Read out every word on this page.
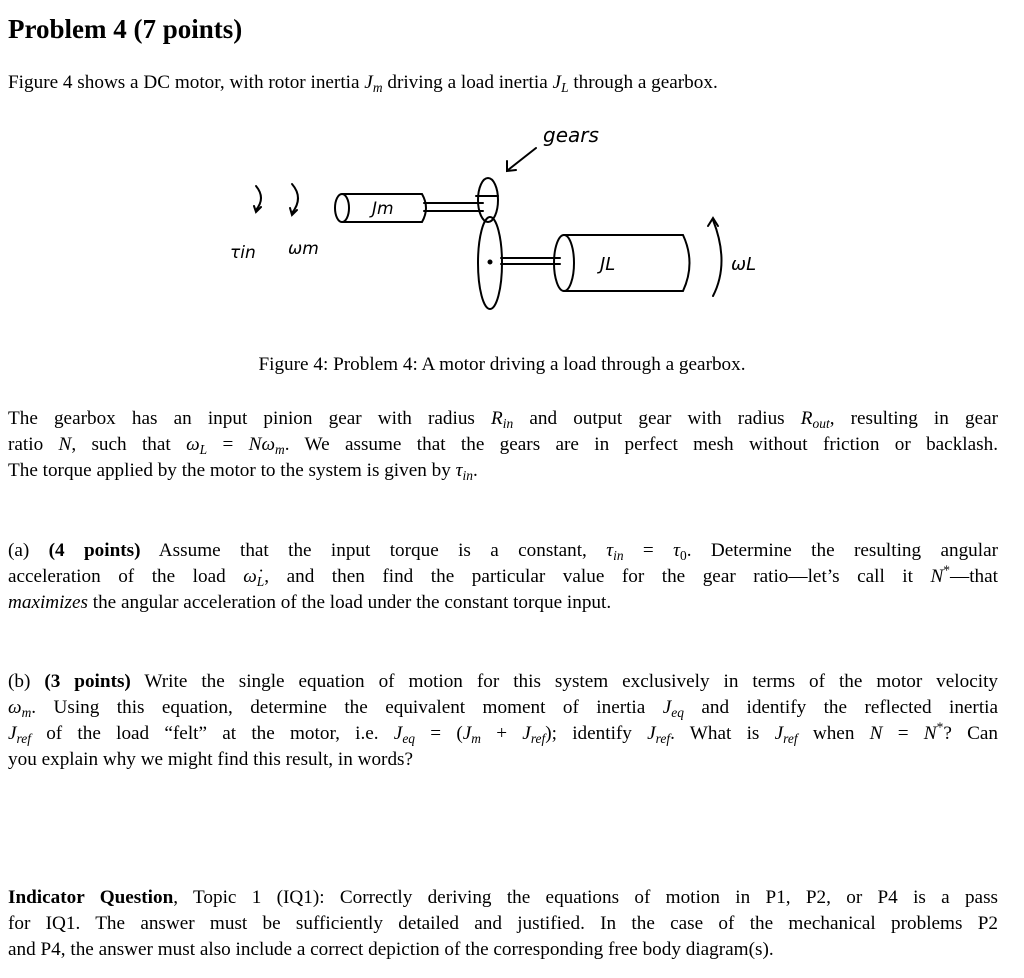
Problem 4 (7 points)
Figure 4 shows a DC motor, with rotor inertia $J_m$ driving a load inertia $J_L$ through a gearbox.
gears
Jm
JL
τin ωm
ωL
Figure 4: Problem 4: A motor driving a load through a gearbox.
The gearbox has an input pinion gear with radius $R_{in}$ and output gear with radius $R_{out}$, resulting in gear
ratio N, such that $\omega_L = N\omega_m$. We assume that the gears are in perfect mesh without friction or backlash.
The torque applied by the motor to the system is given by $\tau_{in}$.
(a) (4 points) Assume that the input torque is a constant, $\tau_{in} = \tau_0$. Determine the resulting angular
acceleration of the load $\omegȧ_L$, and then find the particular value for the gear ratio—let’s call it N*—that
maximizes the angular acceleration of the load under the constant torque input.
(b) (3 points) Write the single equation of motion for this system exclusively in terms of the motor velocity
$\omega_m$. Using this equation, determine the equivalent moment of inertia $J_{eq}$ and identify the reflected inertia
$J_{ref}$ of the load “felt” at the motor, i.e. $J_{eq} = (J_m + J_{ref})$; identify $J_{ref}$. What is $J_{ref}$ when N = N*? Can
you explain why we might find this result, in words?
Indicator Question, Topic 1 (IQ1): Correctly deriving the equations of motion in P1, P2, or P4 is a pass
for IQ1. The answer must be sufficiently detailed and justified. In the case of the mechanical problems P2
and P4, the answer must also include a correct depiction of the corresponding free body diagram(s).
